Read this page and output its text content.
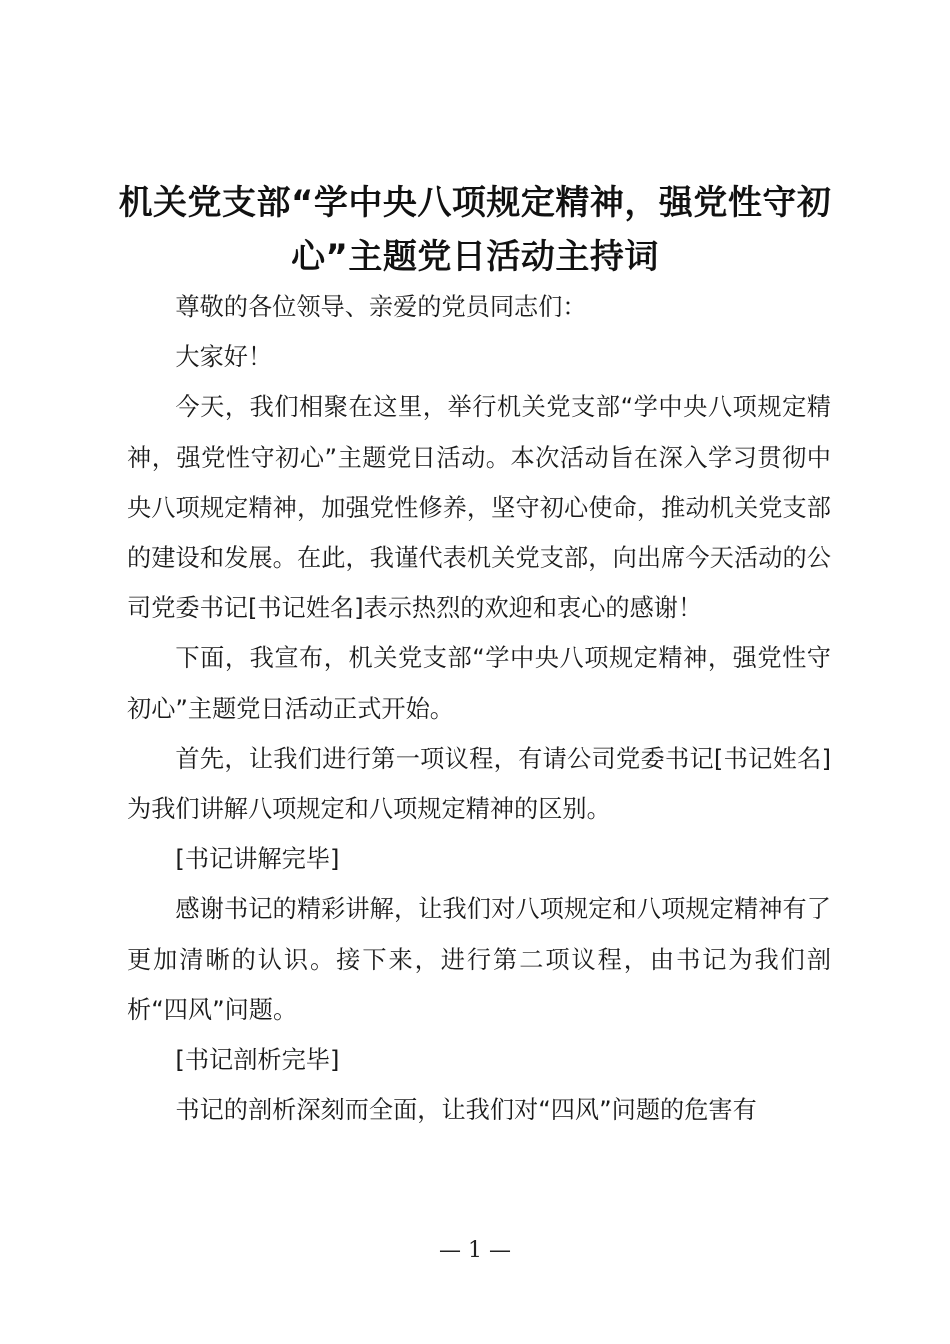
机关党支部“学中央八项规定精神，强党性守初心”主题党日活动主持词

尊敬的各位领导、亲爱的党员同志们：

大家好！

今天，我们相聚在这里，举行机关党支部“学中央八项规定精神，强党性守初心”主题党日活动。本次活动旨在深入学习贯彻中央八项规定精神，加强党性修养，坚守初心使命，推动机关党支部的建设和发展。在此，我谨代表机关党支部，向出席今天活动的公司党委书记[书记姓名]表示热烈的欢迎和衷心的感谢！

下面，我宣布，机关党支部“学中央八项规定精神，强党性守初心”主题党日活动正式开始。

首先，让我们进行第一项议程，有请公司党委书记[书记姓名]为我们讲解八项规定和八项规定精神的区别。

[书记讲解完毕]

感谢书记的精彩讲解，让我们对八项规定和八项规定精神有了更加清晰的认识。接下来，进行第二项议程，由书记为我们剖析“四风”问题。

[书记剖析完毕]

书记的剖析深刻而全面，让我们对“四风”问题的危害有

— 1 —
